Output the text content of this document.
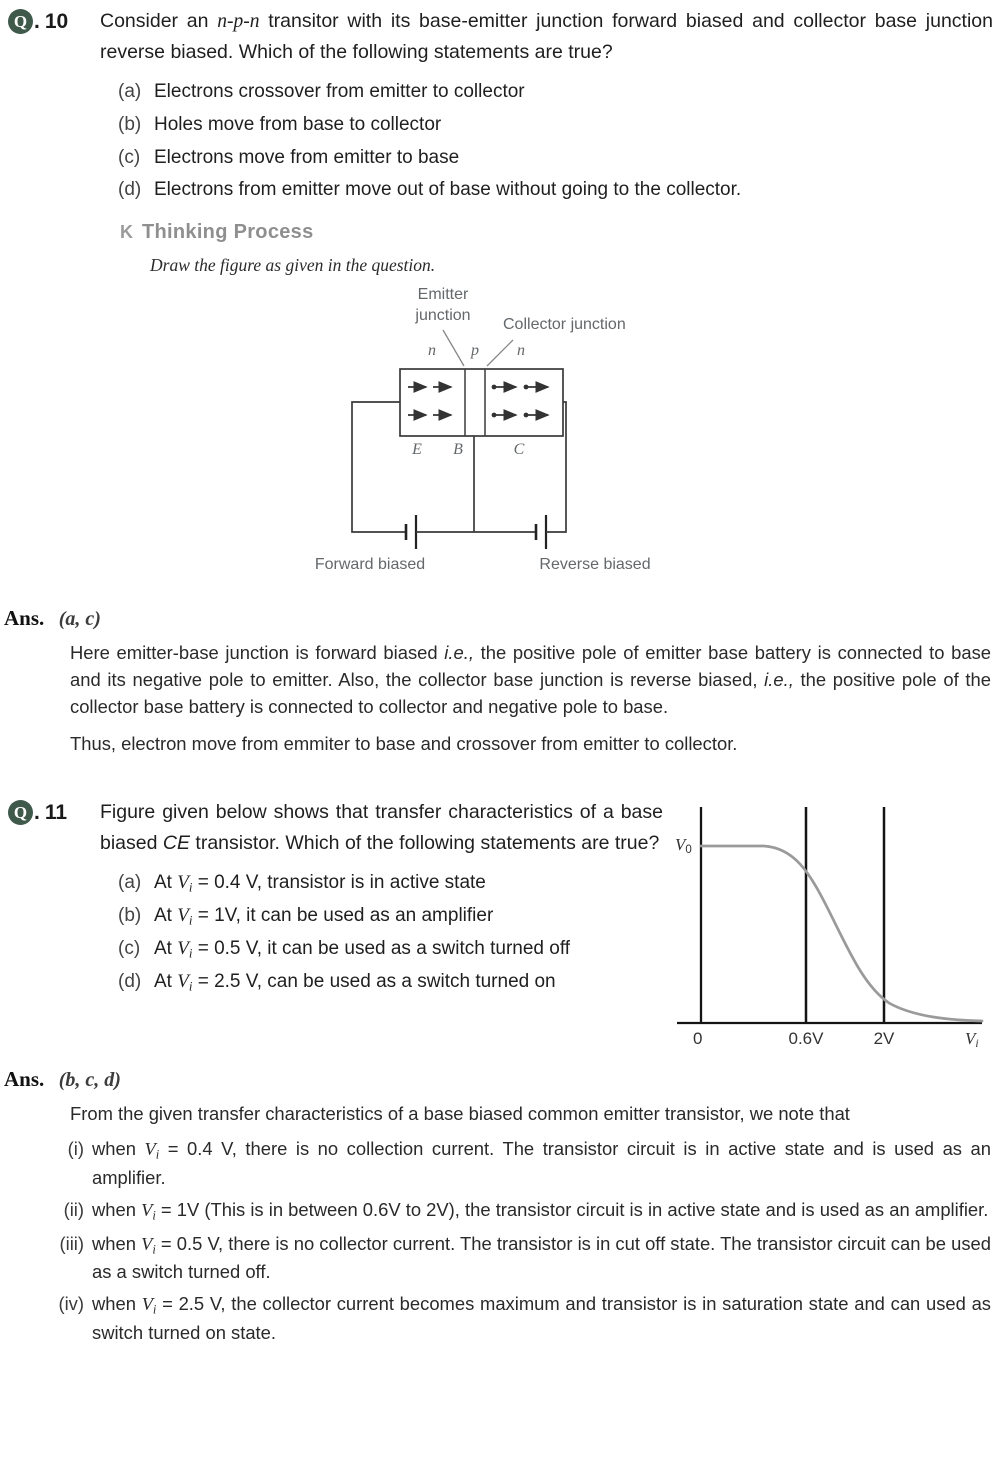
Q . 10 Consider an n-p-n transitor with its base-emitter junction forward biased and collector base junction reverse biased. Which of the following statements are true?
(a) Electrons crossover from emitter to collector
(b) Holes move from base to collector
(c) Electrons move from emitter to base
(d) Electrons from emitter move out of base without going to the collector.
K Thinking Process

Draw the figure as given in the question.

Emitter
junction
Collector junction
n p n
E B	C
Forward biased	Reverse biased
Ans. (a, c)

Here emitter-base junction is forward biased i.e., the positive pole of emitter base battery is connected to base and its negative pole to emitter. Also, the collector base junction is reverse biased, i.e., the positive pole of the collector base battery is connected to collector and negative pole to base.

Thus, electron move from emmiter to base and crossover from emitter to collector.

Q . 11 Figure given below shows that transfer characteristics of a base biased CE transistor. Which of the following statements are true?
(a) At $V_i = 0.4$ V, transistor is in active state
(b) At $V_i = 1V$, it can be used as an amplifier
(c) At $V_i = 0.5$ V, it can be used as a switch turned off
(d) At $V_i = 2.5$ V, can be used as a switch turned on
$V_0$
0	0.6V	2V	$V_i$
Ans. (b, c, d)

From the given transfer characteristics of a base biased common emitter transistor, we note that

(i) when $V_i = 0.4$ V, there is no collection current. The transistor circuit is in active state and is used as an amplifier.
(ii) when $V_i = 1V$ (This is in between 0.6V to 2V), the transistor circuit is in active state and is used as an amplifier.
(iii) when $V_i = 0.5$ V, there is no collector current. The transistor is in cut off state. The transistor circuit can be used as a switch turned off.
(iv) when $V_i = 2.5$ V, the collector current becomes maximum and transistor is in saturation state and can used as switch turned on state.
